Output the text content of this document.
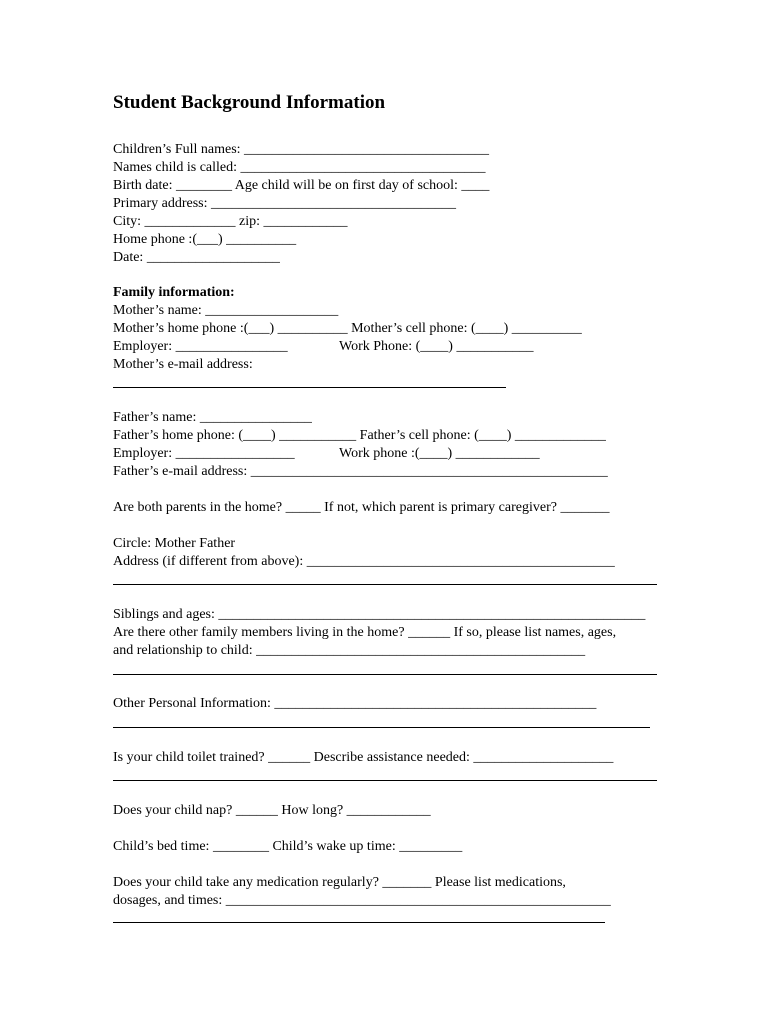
Student Background Information
Children’s Full names: ___________________________________
Names child is called: ___________________________________
Birth date: ________ Age child will be on first day of school: ____
Primary address: ___________________________________
City: _____________ zip: ____________
Home phone :(___) __________
Date: ___________________
Family information:
Mother’s name: ___________________
Mother’s home phone :(___) __________ Mother’s cell phone: (____) __________
Employer: ________________	Work Phone: (____) ___________
Mother’s e-mail address:
Father’s name: ________________
Father’s home phone: (____) ___________ Father’s cell phone: (____) _____________
Employer: _________________	Work phone :(____) ____________
Father’s e-mail address: ___________________________________________________
Are both parents in the home? _____ If not, which parent is primary caregiver? _______
Circle: Mother Father
Address (if different from above): ____________________________________________
Siblings and ages: _____________________________________________________________
Are there other family members living in the home? ______ If so, please list names, ages,
and relationship to child: _______________________________________________
Other Personal Information: ______________________________________________
Is your child toilet trained? ______ Describe assistance needed: ____________________
Does your child nap? ______ How long? ____________
Child’s bed time: ________ Child’s wake up time: _________
Does your child take any medication regularly? _______ Please list medications,
dosages, and times: _______________________________________________________
